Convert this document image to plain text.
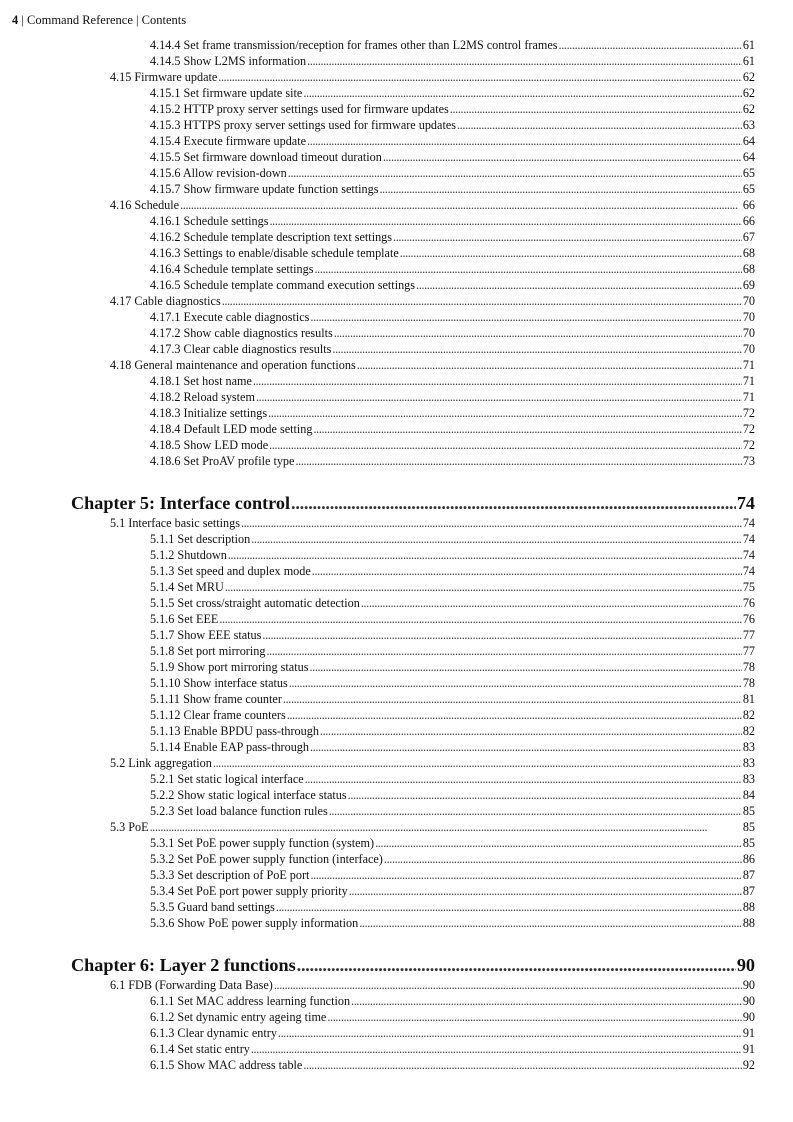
4 | Command Reference | Contents
4.14.4 Set frame transmission/reception for frames other than L2MS control frames . . .	61
4.14.5 Show L2MS information . . .	61
4.15 Firmware update . . .	62
4.15.1 Set firmware update site . . .	62
4.15.2 HTTP proxy server settings used for firmware updates . . .	62
4.15.3 HTTPS proxy server settings used for firmware updates . . .	63
4.15.4 Execute firmware update . . .	64
4.15.5 Set firmware download timeout duration . . .	64
4.15.6 Allow revision-down . . .	65
4.15.7 Show firmware update function settings . . .	65
4.16 Schedule . . .	66
4.16.1 Schedule settings . . .	66
4.16.2 Schedule template description text settings . . .	67
4.16.3 Settings to enable/disable schedule template . . .	68
4.16.4 Schedule template settings . . .	68
4.16.5 Schedule template command execution settings . . .	69
4.17 Cable diagnostics . . .	70
4.17.1 Execute cable diagnostics . . .	70
4.17.2 Show cable diagnostics results . . .	70
4.17.3 Clear cable diagnostics results . . .	70
4.18 General maintenance and operation functions . . .	71
4.18.1 Set host name . . .	71
4.18.2 Reload system . . .	71
4.18.3 Initialize settings . . .	72
4.18.4 Default LED mode setting . . .	72
4.18.5 Show LED mode . . .	72
4.18.6 Set ProAV profile type . . .	73
Chapter 5: Interface control . . .	74
5.1 Interface basic settings . . .	74
5.1.1 Set description . . .	74
5.1.2 Shutdown . . .	74
5.1.3 Set speed and duplex mode . . .	74
5.1.4 Set MRU . . .	75
5.1.5 Set cross/straight automatic detection . . .	76
5.1.6 Set EEE . . .	76
5.1.7 Show EEE status . . .	77
5.1.8 Set port mirroring . . .	77
5.1.9 Show port mirroring status . . .	78
5.1.10 Show interface status . . .	78
5.1.11 Show frame counter . . .	81
5.1.12 Clear frame counters . . .	82
5.1.13 Enable BPDU pass-through . . .	82
5.1.14 Enable EAP pass-through . . .	83
5.2 Link aggregation . . .	83
5.2.1 Set static logical interface . . .	83
5.2.2 Show static logical interface status . . .	84
5.2.3 Set load balance function rules . . .	85
5.3 PoE . . .	85
5.3.1 Set PoE power supply function (system) . . .	85
5.3.2 Set PoE power supply function (interface) . . .	86
5.3.3 Set description of PoE port . . .	87
5.3.4 Set PoE port power supply priority . . .	87
5.3.5 Guard band settings . . .	88
5.3.6 Show PoE power supply information . . .	88
Chapter 6: Layer 2 functions . . .	90
6.1 FDB (Forwarding Data Base) . . .	90
6.1.1 Set MAC address learning function . . .	90
6.1.2 Set dynamic entry ageing time . . .	90
6.1.3 Clear dynamic entry . . .	91
6.1.4 Set static entry . . .	91
6.1.5 Show MAC address table . . .	92
